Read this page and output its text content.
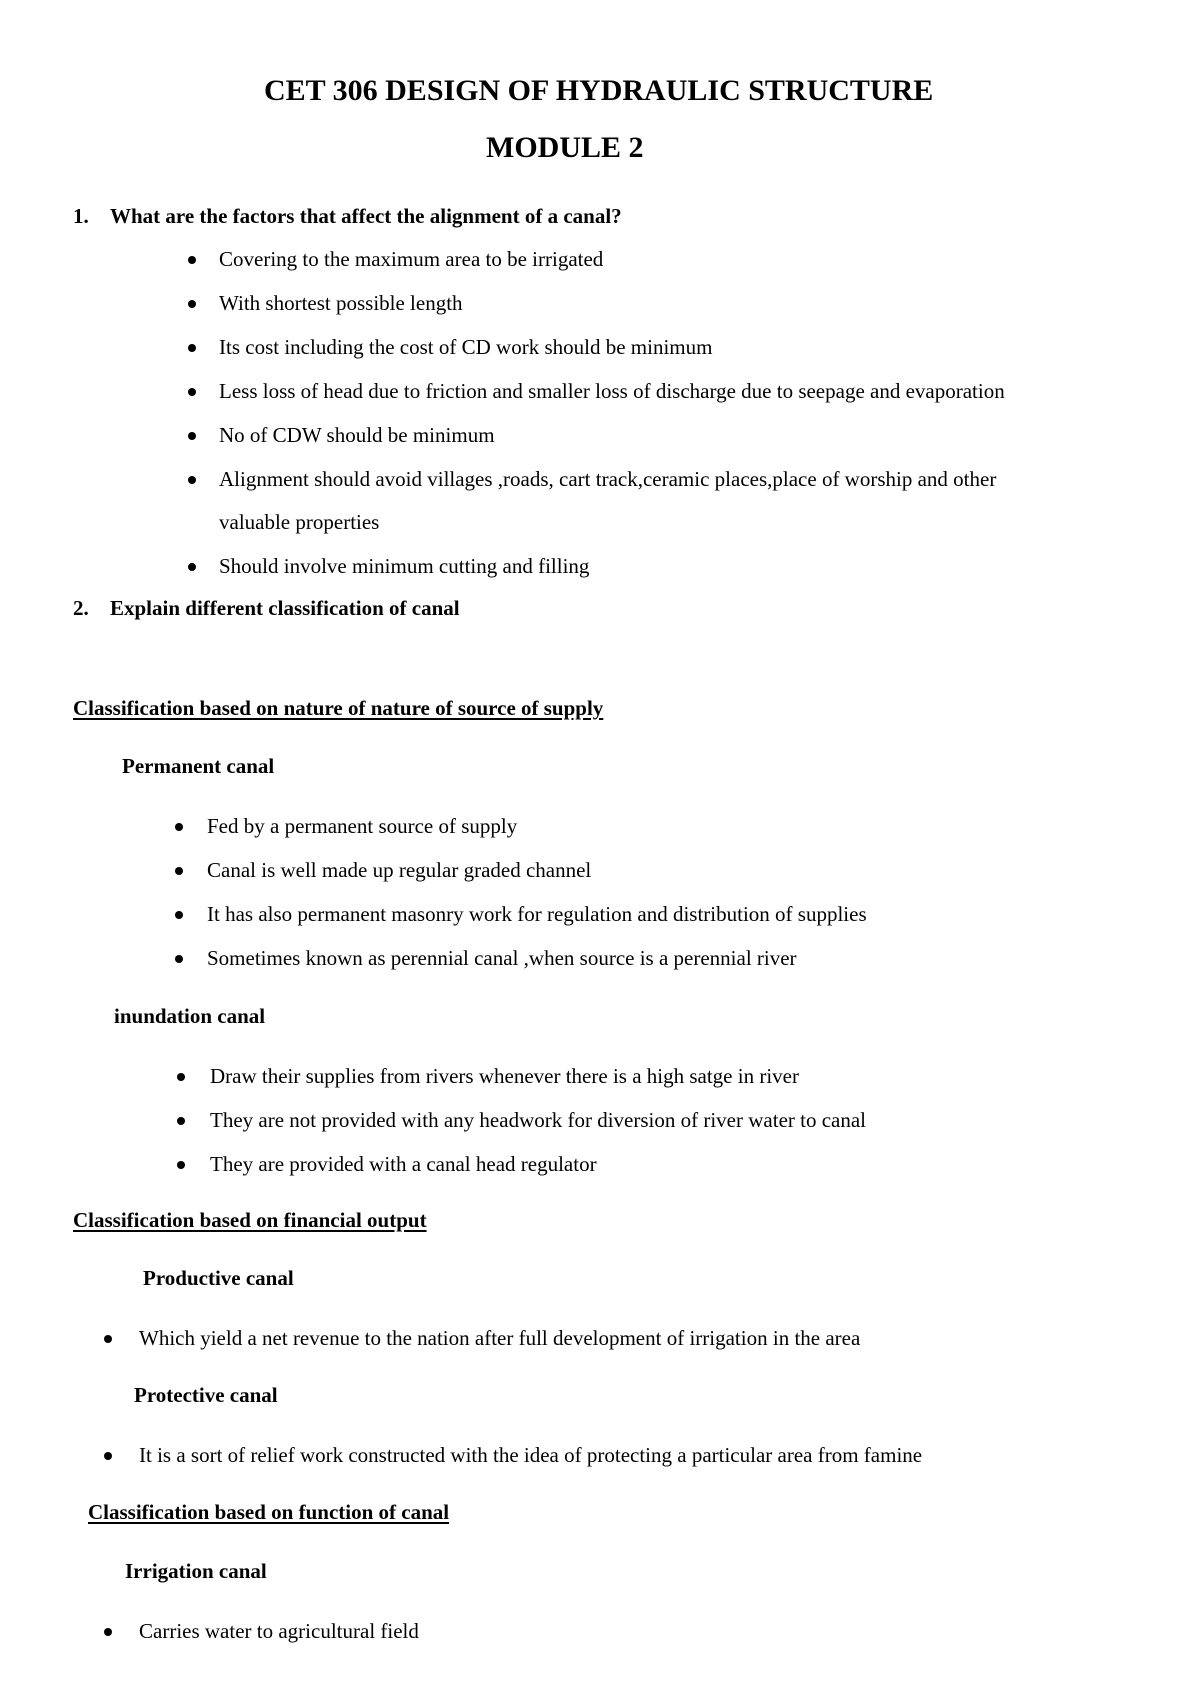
CET 306 DESIGN OF HYDRAULIC STRUCTURE
MODULE 2
1. What are the factors that affect the alignment of a canal?
Covering to the maximum area to be irrigated
With shortest possible length
Its cost including the cost of CD work should be minimum
Less loss of head due to friction and smaller loss of discharge due to seepage and evaporation
No of CDW should be minimum
Alignment should avoid villages ,roads, cart track,ceramic places,place of worship and other
valuable properties
Should involve minimum cutting and filling
2. Explain different classification of canal
Classification based on nature of nature of source of supply
Permanent canal
Fed by a permanent source of supply
Canal is well made up regular graded channel
It has also permanent masonry work for regulation and distribution of supplies
Sometimes known as perennial canal ,when source is a perennial river
inundation canal
Draw their supplies from rivers whenever there is a high satge in river
They are not provided with any headwork for diversion of river water to canal
They are provided with a canal head regulator
Classification based on financial output
Productive canal
Which yield a net revenue to the nation after full development of irrigation in the area
Protective canal
It is a sort of relief work constructed with the idea of protecting a particular area from famine
Classification based on function of canal
Irrigation canal
Carries water to agricultural field
